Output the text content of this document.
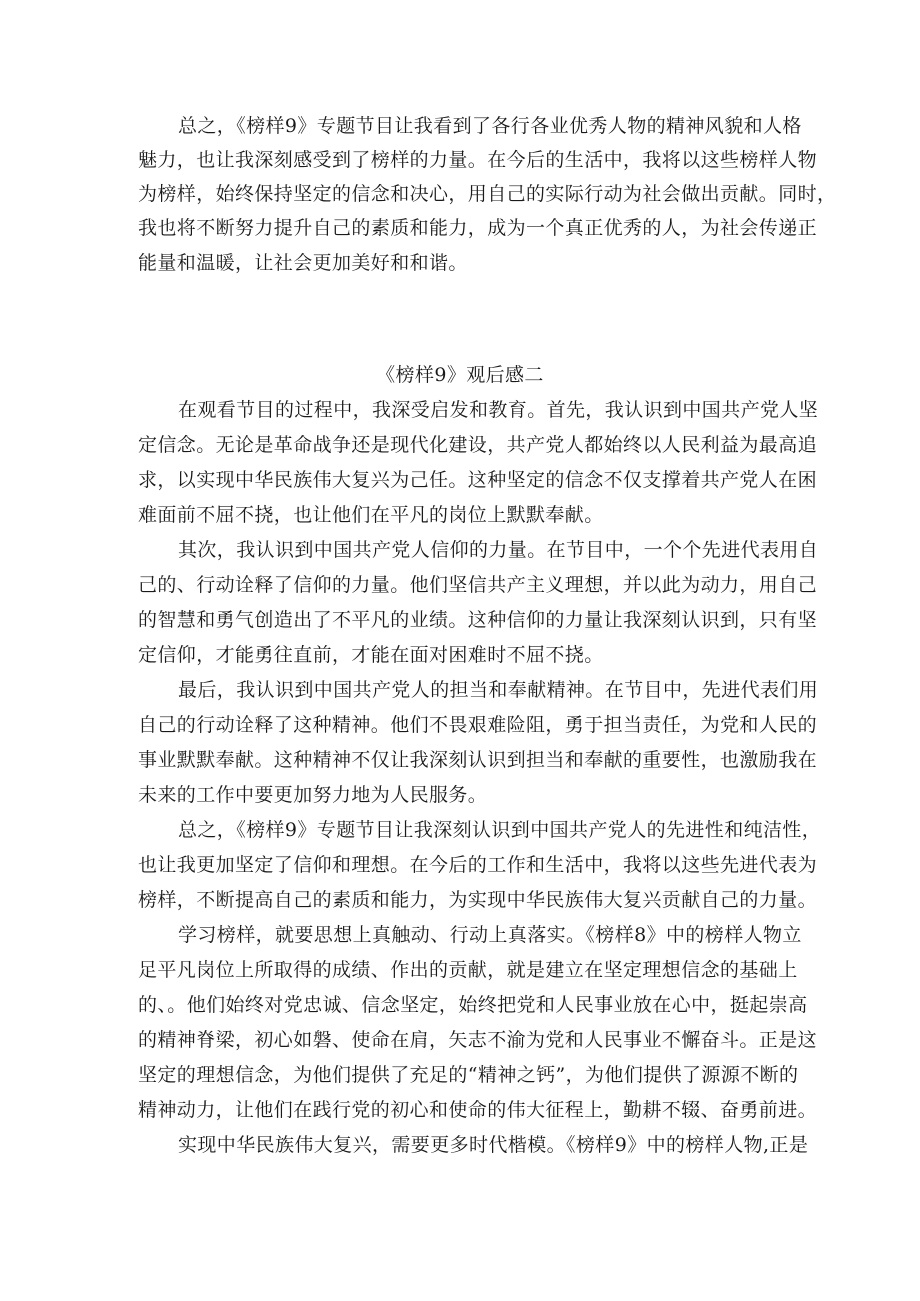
总之，《榜样9》专题节目让我看到了各行各业优秀人物的精神风貌和人格
魅力，也让我深刻感受到了榜样的力量。在今后的生活中，我将以这些榜样人物
为榜样，始终保持坚定的信念和决心，用自己的实际行动为社会做出贡献。同时，
我也将不断努力提升自己的素质和能力，成为一个真正优秀的人，为社会传递正
能量和温暖，让社会更加美好和和谐。
《榜样9》观后感二
在观看节目的过程中，我深受启发和教育。首先，我认识到中国共产党人坚
定信念。无论是革命战争还是现代化建设，共产党人都始终以人民利益为最高追
求，以实现中华民族伟大复兴为己任。这种坚定的信念不仅支撑着共产党人在困
难面前不屈不挠，也让他们在平凡的岗位上默默奉献。
其次，我认识到中国共产党人信仰的力量。在节目中，一个个先进代表用自
己的、行动诠释了信仰的力量。他们坚信共产主义理想，并以此为动力，用自己
的智慧和勇气创造出了不平凡的业绩。这种信仰的力量让我深刻认识到，只有坚
定信仰，才能勇往直前，才能在面对困难时不屈不挠。
最后，我认识到中国共产党人的担当和奉献精神。在节目中，先进代表们用
自己的行动诠释了这种精神。他们不畏艰难险阻，勇于担当责任，为党和人民的
事业默默奉献。这种精神不仅让我深刻认识到担当和奉献的重要性，也激励我在
未来的工作中要更加努力地为人民服务。
总之，《榜样9》专题节目让我深刻认识到中国共产党人的先进性和纯洁性，
也让我更加坚定了信仰和理想。在今后的工作和生活中，我将以这些先进代表为
榜样，不断提高自己的素质和能力，为实现中华民族伟大复兴贡献自己的力量。
学习榜样，就要思想上真触动、行动上真落实。《榜样8》中的榜样人物立
足平凡岗位上所取得的成绩、作出的贡献，就是建立在坚定理想信念的基础上
的、。他们始终对党忠诚、信念坚定，始终把党和人民事业放在心中，挺起崇高
的精神脊梁，初心如磐、使命在肩，矢志不渝为党和人民事业不懈奋斗。正是这
坚定的理想信念，为他们提供了充足的“精神之钙”，为他们提供了源源不断的
精神动力，让他们在践行党的初心和使命的伟大征程上，勤耕不辍、奋勇前进。
实现中华民族伟大复兴，需要更多时代楷模。《榜样9》中的榜样人物,正是
